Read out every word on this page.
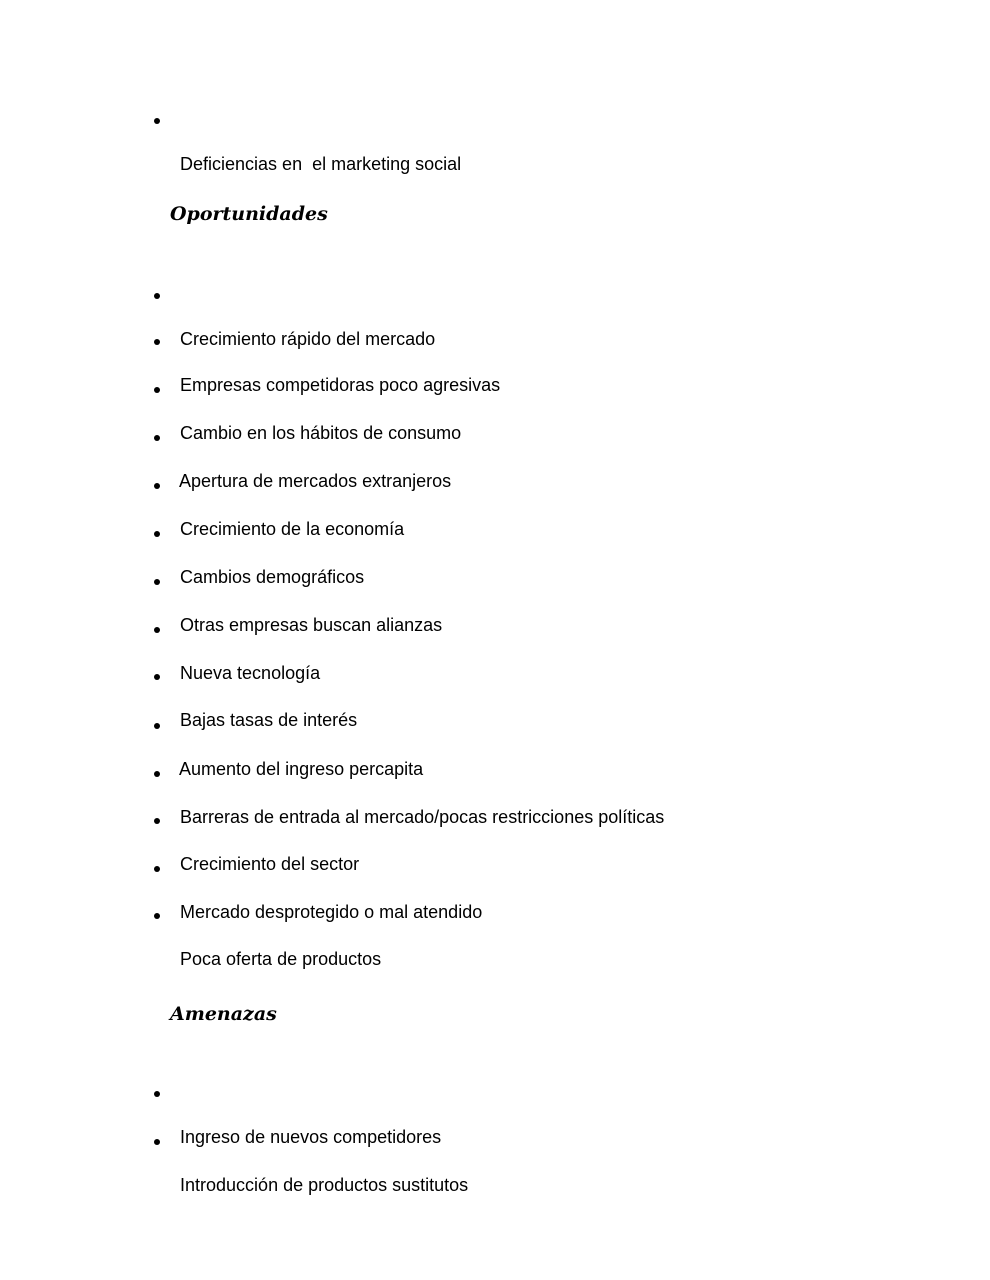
Deficiencias en  el marketing social

Oportunidades

Crecimiento rápido del mercado

Empresas competidoras poco agresivas

Cambio en los hábitos de consumo

Apertura de mercados extranjeros

Crecimiento de la economía

Cambios demográficos

Otras empresas buscan alianzas

Nueva tecnología

Bajas tasas de interés

Aumento del ingreso percapita

Barreras de entrada al mercado/pocas restricciones políticas

Crecimiento del sector

Mercado desprotegido o mal atendido

Poca oferta de productos

Amenazas

Ingreso de nuevos competidores

Introducción de productos sustitutos
